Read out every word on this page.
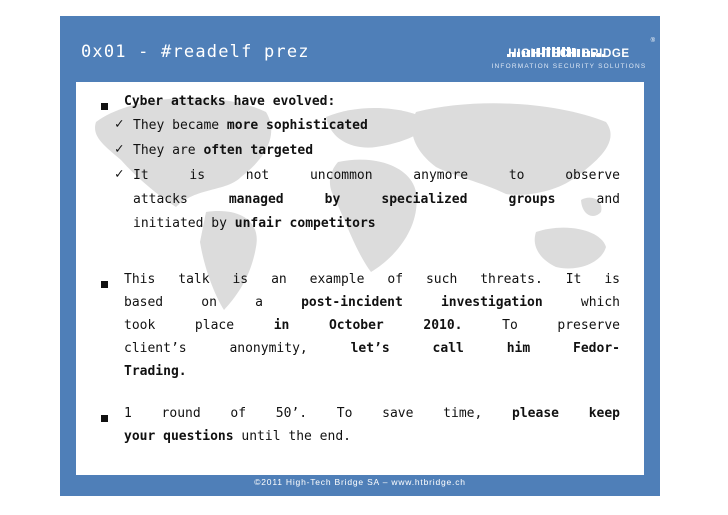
0x01 - #readelf prez
®
HIGH-TECH BRIDGE
INFORMATION SECURITY SOLUTIONS
Cyber attacks have evolved:
✓ They became more sophisticated
✓ They are often targeted
✓ It is not uncommon anymore to observe
attacks managed by specialized groups	and
initiated by unfair competitors
This talk is an example of such threats. It is
based on a post-incident investigation	which
took place in October 2010.	To preserve
client’s anonymity, let’s call him Fedor-
Trading.
1 round of 50’. To save time, please keep
your questions until the end.
©2011 High-Tech Bridge SA – www.htbridge.ch
